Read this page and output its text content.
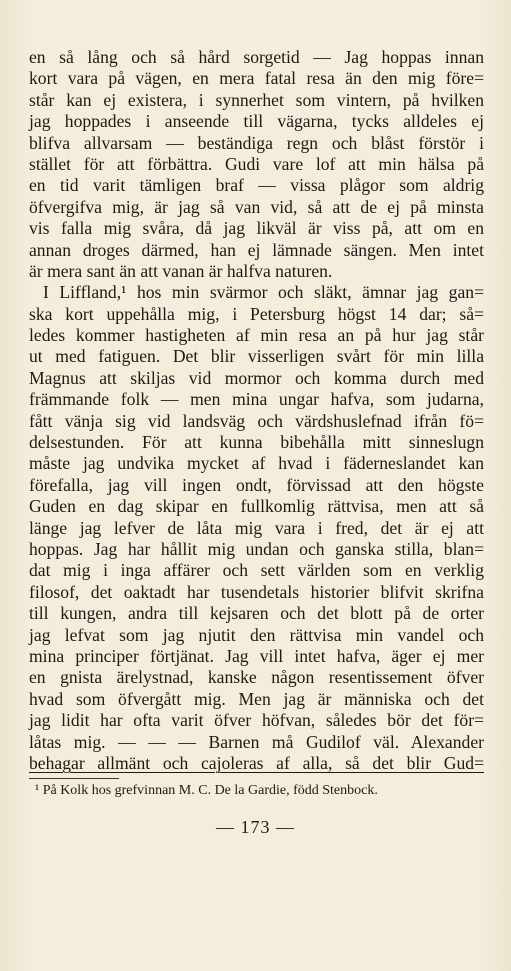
en så lång och så hård sorgetid — Jag hoppas innan
kort vara på vägen, en mera fatal resa än den mig före=
står kan ej existera, i synnerhet som vintern, på hvilken
jag hoppades i anseende till vägarna, tycks alldeles ej
blifva allvarsam — beständiga regn och blåst förstör i
stället för att förbättra. Gudi vare lof att min hälsa på
en tid varit tämligen braf — vissa plågor som aldrig
öfvergifva mig, är jag så van vid, så att de ej på minsta
vis falla mig svåra, då jag likväl är viss på, att om en
annan droges därmed, han ej lämnade sängen. Men intet
är mera sant än att vanan är halfva naturen.
I Liffland,¹ hos min svärmor och släkt, ämnar jag gan=
ska kort uppehålla mig, i Petersburg högst 14 dar; så=
ledes kommer hastigheten af min resa an på hur jag står
ut med fatiguen. Det blir visserligen svårt för min lilla
Magnus att skiljas vid mormor och komma durch med
främmande folk — men mina ungar hafva, som judarna,
fått vänja sig vid landsväg och värdshuslefnad ifrån fö=
delsestunden. För att kunna bibehålla mitt sinneslugn
måste jag undvika mycket af hvad i fäderneslandet kan
förefalla, jag vill ingen ondt, förvissad att den högste
Guden en dag skipar en fullkomlig rättvisa, men att så
länge jag lefver de låta mig vara i fred, det är ej att
hoppas. Jag har hållit mig undan och ganska stilla, blan=
dat mig i inga affärer och sett världen som en verklig
filosof, det oaktadt har tusendetals historier blifvit skrifna
till kungen, andra till kejsaren och det blott på de orter
jag lefvat som jag njutit den rättvisa min vandel och
mina principer förtjänat. Jag vill intet hafva, äger ej mer
en gnista ärelystnad, kanske någon resentissement öfver
hvad som öfvergått mig. Men jag är människa och det
jag lidit har ofta varit öfver höfvan, således bör det för=
låtas mig. — — — Barnen må Gudilof väl. Alexander
behagar allmänt och cajoleras af alla, så det blir Gud=
¹ På Kolk hos grefvinnan M. C. De la Gardie, född Stenbock.
— 173 —
